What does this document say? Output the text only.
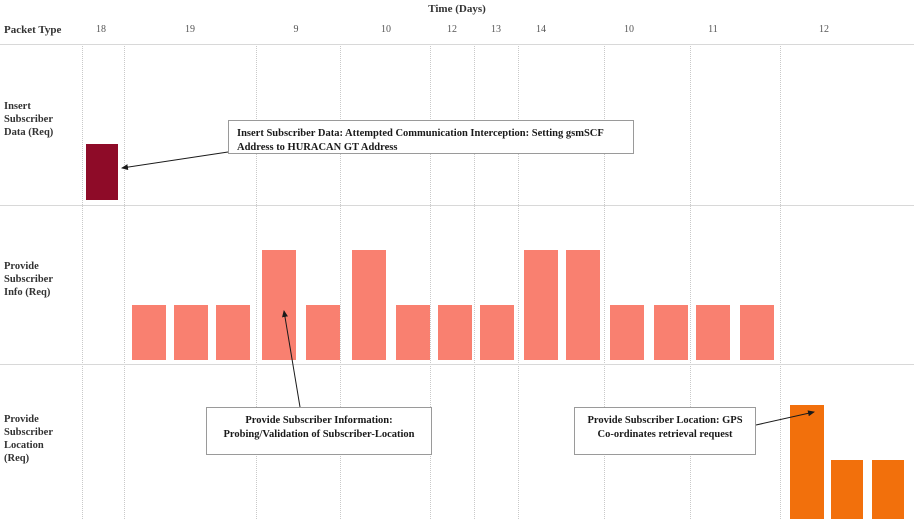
Time (Days)
Packet Type	18	19	9	10	12	13	14	10	11	12
Insert
Subscriber
Data (Req)
Provide
Subscriber
Info (Req)
Provide
Subscriber
Location
(Req)
Insert Subscriber Data: Attempted Communication Interception: Setting gsmSCF Address to HURACAN GT Address
Provide Subscriber Information: Probing/Validation of Subscriber-Location
Provide Subscriber Location: GPS Co-ordinates retrieval request
